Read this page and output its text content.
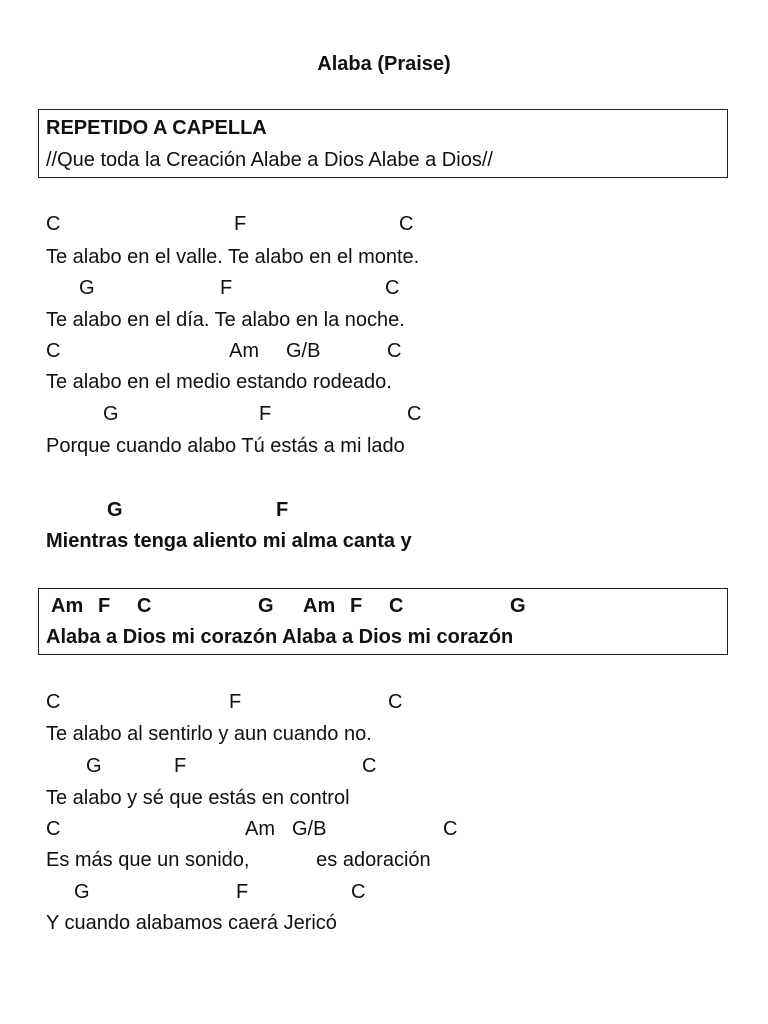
Alaba (Praise)
REPETIDO A CAPELLA
//Que toda la Creación Alabe a Dios Alabe a Dios//
C	F	C
Te alabo en el valle. Te alabo en el monte.
G	F	C
Te alabo en el día. Te alabo en la noche.
C	Am G/B	C
Te alabo en el medio estando rodeado.
G	F	C
Porque cuando alabo Tú estás a mi lado
G	F
Mientras tenga aliento mi alma canta y
Am F C	G Am F C	G
Alaba a Dios mi corazón Alaba a Dios mi corazón
C	F	C
Te alabo al sentirlo y aun cuando no.
G	F	C
Te alabo y sé que estás en control
C	Am G/B	C
Es más que un sonido,            es adoración
G	F	C
Y cuando alabamos caerá Jericó
